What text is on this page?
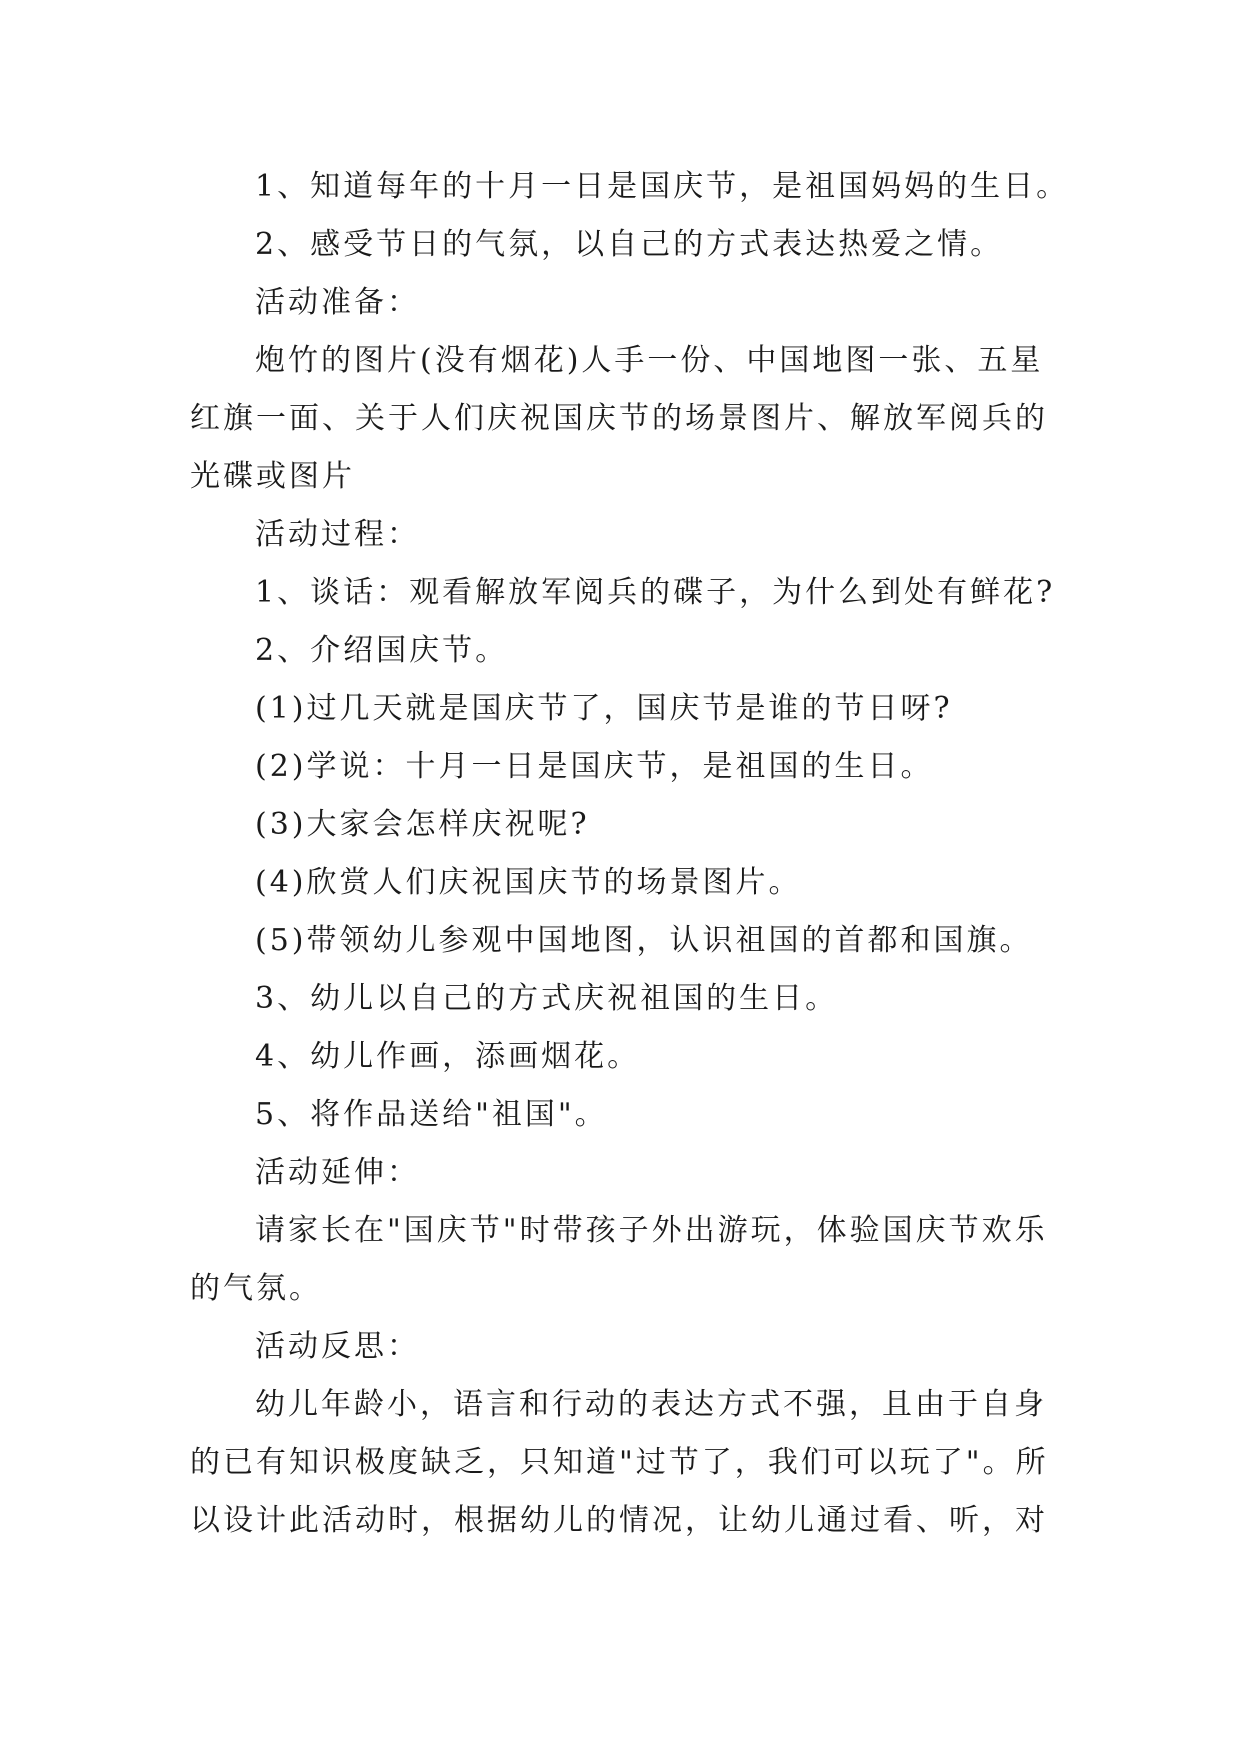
1、知道每年的十月一日是国庆节，是祖国妈妈的生日。
2、感受节日的气氛，以自己的方式表达热爱之情。
活动准备：
炮竹的图片(没有烟花)人手一份、中国地图一张、五星
红旗一面、关于人们庆祝国庆节的场景图片、解放军阅兵的
光碟或图片
活动过程：
1、谈话：观看解放军阅兵的碟子，为什么到处有鲜花?
2、介绍国庆节。
(1)过几天就是国庆节了，国庆节是谁的节日呀?
(2)学说：十月一日是国庆节，是祖国的生日。
(3)大家会怎样庆祝呢?
(4)欣赏人们庆祝国庆节的场景图片。
(5)带领幼儿参观中国地图，认识祖国的首都和国旗。
3、幼儿以自己的方式庆祝祖国的生日。
4、幼儿作画，添画烟花。
5、将作品送给"祖国"。
活动延伸：
请家长在"国庆节"时带孩子外出游玩，体验国庆节欢乐
的气氛。
活动反思：
幼儿年龄小，语言和行动的表达方式不强，且由于自身
的已有知识极度缺乏，只知道"过节了，我们可以玩了"。所
以设计此活动时，根据幼儿的情况，让幼儿通过看、听，对
